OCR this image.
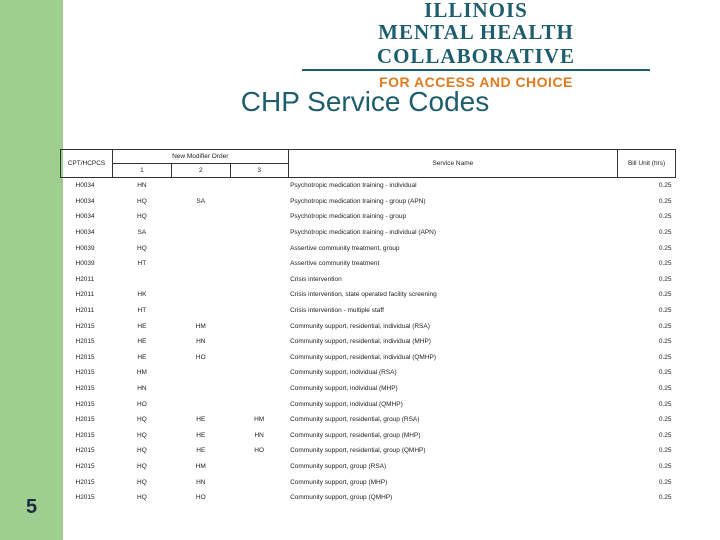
5
ILLINOIS
MENTAL HEALTH COLLABORATIVE
FOR ACCESS AND CHOICE
CHP Service Codes
CPT/HCPCS	New Modifier Order			Service Name	Bill Unit (hrs)
	1	2	3		
H0034	HN			Psychotropic medication training - individual	0.25
H0034	HQ	SA		Psychotropic medication training - group (APN)	0.25
H0034	HQ			Psychotropic medication training - group	0.25
H0034	SA			Psychotropic medication training - individual (APN)	0.25
H0039	HQ			Assertive community treatment, group	0.25
H0039	HT			Assertive community treatment	0.25
H2011				Crisis intervention	0.25
H2011	HK			Crisis intervention, state operated facility screening	0.25
H2011	HT			Crisis intervention - multiple staff	0.25
H2015	HE	HM		Community support, residential, individual (RSA)	0.25
H2015	HE	HN		Community support, residential, individual (MHP)	0.25
H2015	HE	HO		Community support, residential, individual (QMHP)	0.25
H2015	HM			Community support, individual (RSA)	0.25
H2015	HN			Community support, individual (MHP)	0.25
H2015	HO			Community support, individual (QMHP)	0.25
H2015	HQ	HE	HM	Community support, residential, group (RSA)	0.25
H2015	HQ	HE	HN	Community support, residential, group (MHP)	0.25
H2015	HQ	HE	HO	Community support, residential, group (QMHP)	0.25
H2015	HQ	HM		Community support, group (RSA)	0.25
H2015	HQ	HN		Community support, group (MHP)	0.25
H2015	HQ	HO		Community support, group (QMHP)	0.25
